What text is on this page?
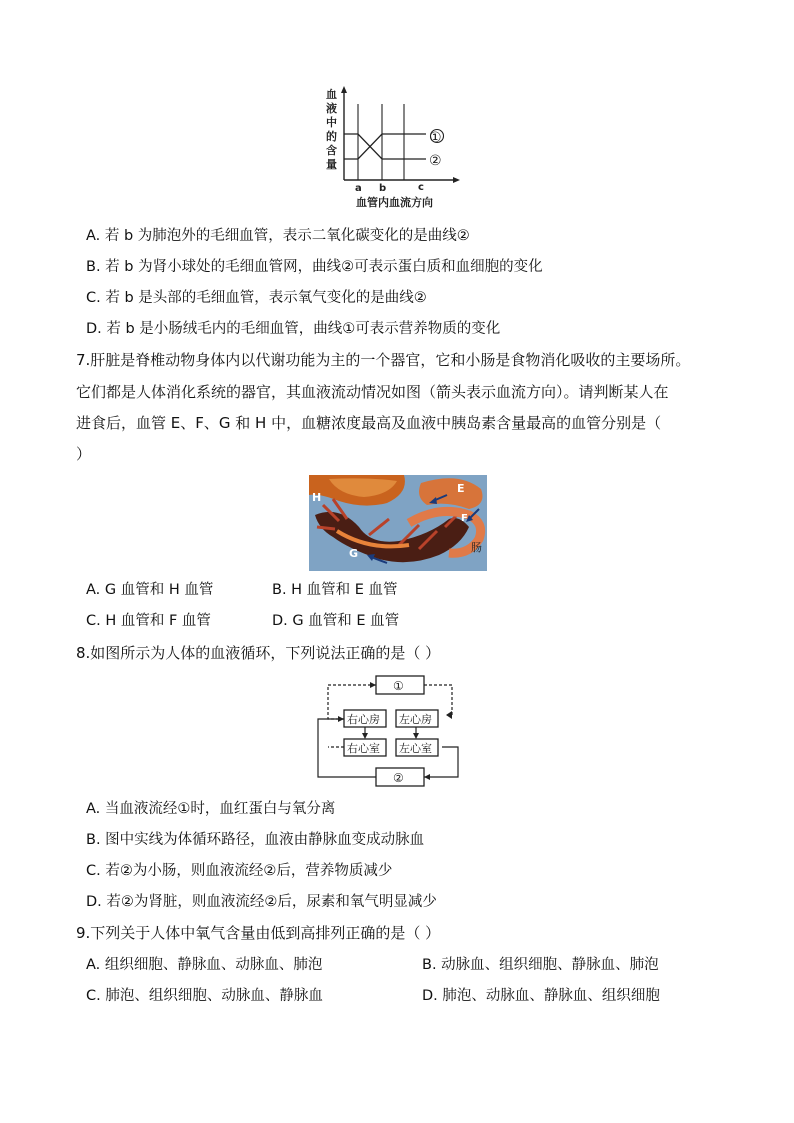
血
液
中
的
含
量
①
②
a b	c
血管内血流方向
A. 若 b 为肺泡外的毛细血管，表示二氧化碳变化的是曲线②
B. 若 b 为肾小球处的毛细血管网，曲线②可表示蛋白质和血细胞的变化
C. 若 b 是头部的毛细血管，表示氧气变化的是曲线②
D. 若 b 是小肠绒毛内的毛细血管，曲线①可表示营养物质的变化
7.肝脏是脊椎动物身体内以代谢功能为主的一个器官，它和小肠是食物消化吸收的主要场所。
它们都是人体消化系统的器官，其血液流动情况如图（箭头表示血流方向）。请判断某人在
进食后，血管 E、F、G 和 H 中，血糖浓度最高及血液中胰岛素含量最高的血管分别是（
）
H
E
F
G	肠
A. G 血管和 H 血管	B. H 血管和 E 血管
C. H 血管和 F 血管	D. G 血管和 E 血管
8.如图所示为人体的血液循环，下列说法正确的是（ ）
①
右心房 左心房
右心室 左心室
②
A. 当血液流经①时，血红蛋白与氧分离
B. 图中实线为体循环路径，血液由静脉血变成动脉血
C. 若②为小肠，则血液流经②后，营养物质减少
D. 若②为肾脏，则血液流经②后，尿素和氧气明显减少
9.下列关于人体中氧气含量由低到高排列正确的是（ ）
A. 组织细胞、静脉血、动脉血、肺泡	B. 动脉血、组织细胞、静脉血、肺泡
C. 肺泡、组织细胞、动脉血、静脉血	D. 肺泡、动脉血、静脉血、组织细胞
